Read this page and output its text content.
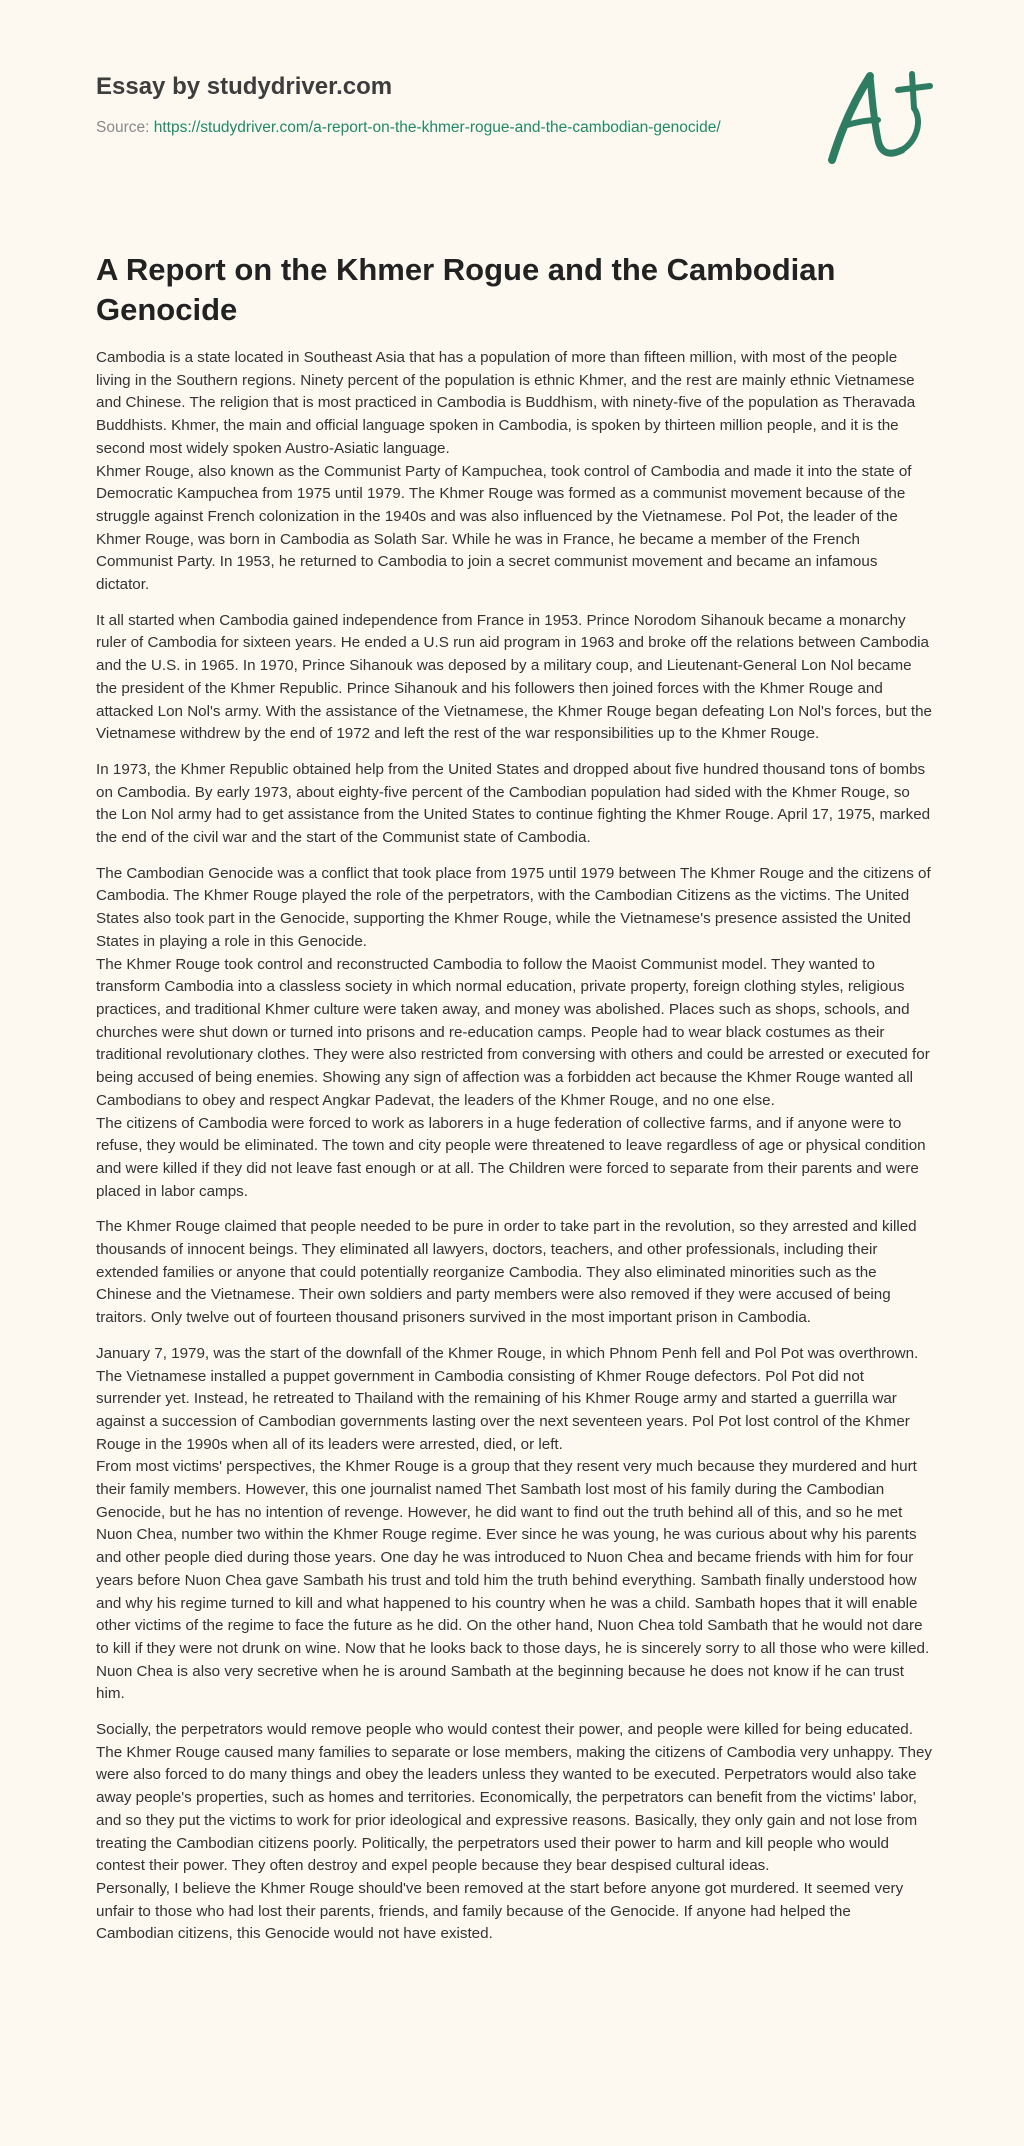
Essay by studydriver.com
Source: https://studydriver.com/a-report-on-the-khmer-rogue-and-the-cambodian-genocide/
A Report on the Khmer Rogue and the Cambodian Genocide

Cambodia is a state located in Southeast Asia that has a population of more than fifteen million, with most of the people living in the Southern regions. Ninety percent of the population is ethnic Khmer, and the rest are mainly ethnic Vietnamese and Chinese. The religion that is most practiced in Cambodia is Buddhism, with ninety-five of the population as Theravada Buddhists. Khmer, the main and official language spoken in Cambodia, is spoken by thirteen million people, and it is the second most widely spoken Austro-Asiatic language.

Khmer Rouge, also known as the Communist Party of Kampuchea, took control of Cambodia and made it into the state of Democratic Kampuchea from 1975 until 1979. The Khmer Rouge was formed as a communist movement because of the struggle against French colonization in the 1940s and was also influenced by the Vietnamese. Pol Pot, the leader of the Khmer Rouge, was born in Cambodia as Solath Sar. While he was in France, he became a member of the French Communist Party. In 1953, he returned to Cambodia to join a secret communist movement and became an infamous dictator.

It all started when Cambodia gained independence from France in 1953. Prince Norodom Sihanouk became a monarchy ruler of Cambodia for sixteen years. He ended a U.S run aid program in 1963 and broke off the relations between Cambodia and the U.S. in 1965. In 1970, Prince Sihanouk was deposed by a military coup, and Lieutenant-General Lon Nol became the president of the Khmer Republic. Prince Sihanouk and his followers then joined forces with the Khmer Rouge and attacked Lon Nol's army. With the assistance of the Vietnamese, the Khmer Rouge began defeating Lon Nol's forces, but the Vietnamese withdrew by the end of 1972 and left the rest of the war responsibilities up to the Khmer Rouge.

In 1973, the Khmer Republic obtained help from the United States and dropped about five hundred thousand tons of bombs on Cambodia. By early 1973, about eighty-five percent of the Cambodian population had sided with the Khmer Rouge, so the Lon Nol army had to get assistance from the United States to continue fighting the Khmer Rouge. April 17, 1975, marked the end of the civil war and the start of the Communist state of Cambodia.

The Cambodian Genocide was a conflict that took place from 1975 until 1979 between The Khmer Rouge and the citizens of Cambodia. The Khmer Rouge played the role of the perpetrators, with the Cambodian Citizens as the victims. The United States also took part in the Genocide, supporting the Khmer Rouge, while the Vietnamese's presence assisted the United States in playing a role in this Genocide.

The Khmer Rouge took control and reconstructed Cambodia to follow the Maoist Communist model. They wanted to transform Cambodia into a classless society in which normal education, private property, foreign clothing styles, religious practices, and traditional Khmer culture were taken away, and money was abolished. Places such as shops, schools, and churches were shut down or turned into prisons and re-education camps. People had to wear black costumes as their traditional revolutionary clothes. They were also restricted from conversing with others and could be arrested or executed for being accused of being enemies. Showing any sign of affection was a forbidden act because the Khmer Rouge wanted all Cambodians to obey and respect Angkar Padevat, the leaders of the Khmer Rouge, and no one else.

The citizens of Cambodia were forced to work as laborers in a huge federation of collective farms, and if anyone were to refuse, they would be eliminated. The town and city people were threatened to leave regardless of age or physical condition and were killed if they did not leave fast enough or at all. The Children were forced to separate from their parents and were placed in labor camps.

The Khmer Rouge claimed that people needed to be pure in order to take part in the revolution, so they arrested and killed thousands of innocent beings. They eliminated all lawyers, doctors, teachers, and other professionals, including their extended families or anyone that could potentially reorganize Cambodia. They also eliminated minorities such as the Chinese and the Vietnamese. Their own soldiers and party members were also removed if they were accused of being traitors. Only twelve out of fourteen thousand prisoners survived in the most important prison in Cambodia.

January 7, 1979, was the start of the downfall of the Khmer Rouge, in which Phnom Penh fell and Pol Pot was overthrown. The Vietnamese installed a puppet government in Cambodia consisting of Khmer Rouge defectors. Pol Pot did not surrender yet. Instead, he retreated to Thailand with the remaining of his Khmer Rouge army and started a guerrilla war against a succession of Cambodian governments lasting over the next seventeen years. Pol Pot lost control of the Khmer Rouge in the 1990s when all of its leaders were arrested, died, or left.

From most victims' perspectives, the Khmer Rouge is a group that they resent very much because they murdered and hurt their family members. However, this one journalist named Thet Sambath lost most of his family during the Cambodian Genocide, but he has no intention of revenge. However, he did want to find out the truth behind all of this, and so he met Nuon Chea, number two within the Khmer Rouge regime. Ever since he was young, he was curious about why his parents and other people died during those years. One day he was introduced to Nuon Chea and became friends with him for four years before Nuon Chea gave Sambath his trust and told him the truth behind everything. Sambath finally understood how and why his regime turned to kill and what happened to his country when he was a child. Sambath hopes that it will enable other victims of the regime to face the future as he did. On the other hand, Nuon Chea told Sambath that he would not dare to kill if they were not drunk on wine. Now that he looks back to those days, he is sincerely sorry to all those who were killed. Nuon Chea is also very secretive when he is around Sambath at the beginning because he does not know if he can trust him.

Socially, the perpetrators would remove people who would contest their power, and people were killed for being educated. The Khmer Rouge caused many families to separate or lose members, making the citizens of Cambodia very unhappy. They were also forced to do many things and obey the leaders unless they wanted to be executed. Perpetrators would also take away people's properties, such as homes and territories. Economically, the perpetrators can benefit from the victims' labor, and so they put the victims to work for prior ideological and expressive reasons. Basically, they only gain and not lose from treating the Cambodian citizens poorly. Politically, the perpetrators used their power to harm and kill people who would contest their power. They often destroy and expel people because they bear despised cultural ideas.

Personally, I believe the Khmer Rouge should've been removed at the start before anyone got murdered. It seemed very unfair to those who had lost their parents, friends, and family because of the Genocide. If anyone had helped the Cambodian citizens, this Genocide would not have existed.
